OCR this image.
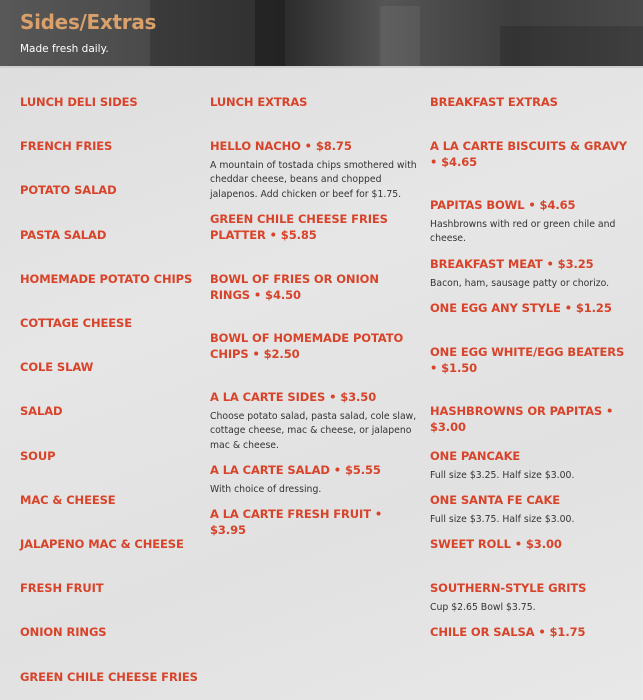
Sides/Extras

Made fresh daily.

LUNCH DELI SIDES
FRENCH FRIES
POTATO SALAD
PASTA SALAD
HOMEMADE POTATO CHIPS
COTTAGE CHEESE
COLE SLAW
SALAD
SOUP
MAC & CHEESE
JALAPENO MAC & CHEESE
FRESH FRUIT
ONION RINGS
GREEN CHILE CHEESE FRIES
LUNCH EXTRAS
HELLO NACHO • $8.75
A mountain of tostada chips smothered with cheddar cheese, beans and chopped jalapenos. Add chicken or beef for $1.75.
GREEN CHILE CHEESE FRIES PLATTER • $5.85
BOWL OF FRIES OR ONION RINGS • $4.50
BOWL OF HOMEMADE POTATO CHIPS • $2.50
A LA CARTE SIDES • $3.50
Choose potato salad, pasta salad, cole slaw, cottage cheese, mac & cheese, or jalapeno mac & cheese.
A LA CARTE SALAD • $5.55
With choice of dressing.
A LA CARTE FRESH FRUIT • $3.95
BREAKFAST EXTRAS
A LA CARTE BISCUITS & GRAVY • $4.65
PAPITAS BOWL • $4.65
Hashbrowns with red or green chile and cheese.
BREAKFAST MEAT • $3.25
Bacon, ham, sausage patty or chorizo.
ONE EGG ANY STYLE • $1.25
ONE EGG WHITE/EGG BEATERS • $1.50
HASHBROWNS OR PAPITAS • $3.00
ONE PANCAKE
Full size $3.25. Half size $3.00.
ONE SANTA FE CAKE
Full size $3.75. Half size $3.00.
SWEET ROLL • $3.00
SOUTHERN-STYLE GRITS
Cup $2.65 Bowl $3.75.
CHILE OR SALSA • $1.75
